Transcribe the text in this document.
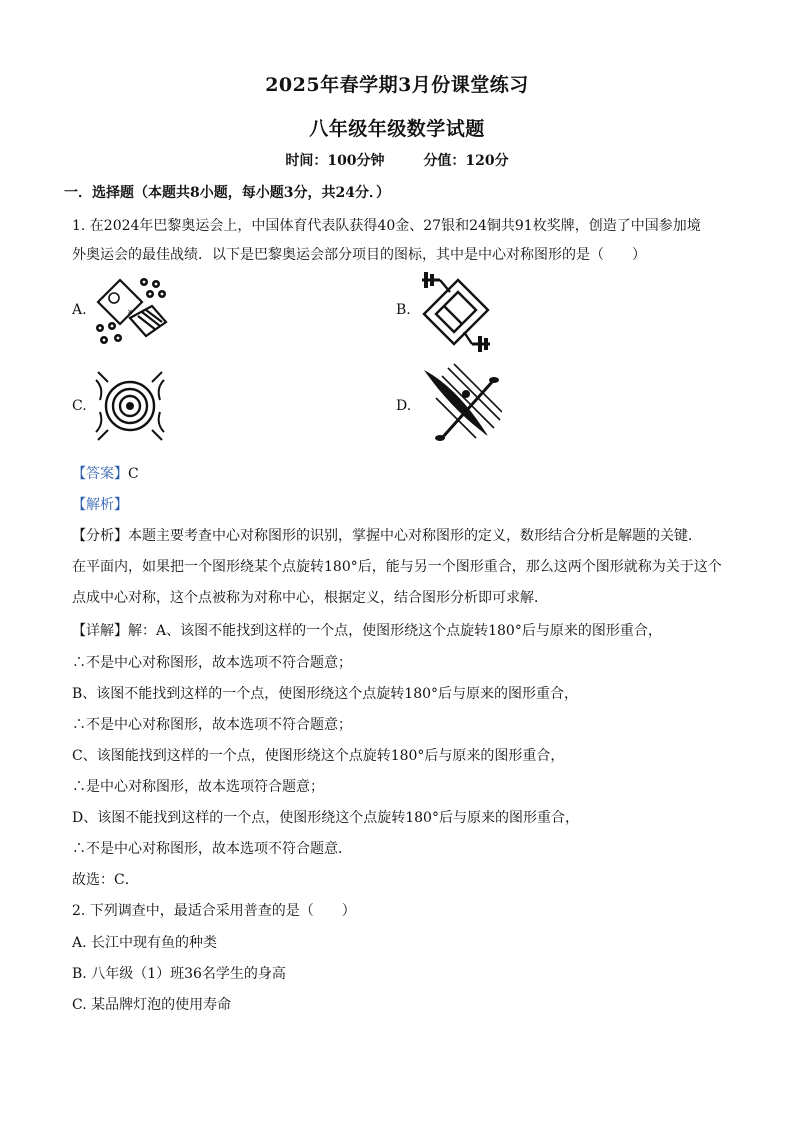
2025年春学期3月份课堂练习
八年级年级数学试题
时间：100分钟	分值：120分
一．选择题（本题共8小题，每小题3分，共24分．）
1. 在2024年巴黎奥运会上，中国体育代表队获得40金、27银和24铜共91枚奖牌，创造了中国参加境
外奥运会的最佳战绩．以下是巴黎奥运会部分项目的图标，其中是中心对称图形的是（　　）
A.	×	B.
C.	D.
【答案】C
【解析】
【分析】本题主要考查中心对称图形的识别，掌握中心对称图形的定义，数形结合分析是解题的关键．
在平面内，如果把一个图形绕某个点旋转180°后，能与另一个图形重合，那么这两个图形就称为关于这个
点成中心对称，这个点被称为对称中心，根据定义，结合图形分析即可求解．
【详解】解：A、该图不能找到这样的一个点，使图形绕这个点旋转180°后与原来的图形重合，
∴不是中心对称图形，故本选项不符合题意；
B、该图不能找到这样的一个点，使图形绕这个点旋转180°后与原来的图形重合，
∴不是中心对称图形，故本选项不符合题意；
C、该图能找到这样的一个点，使图形绕这个点旋转180°后与原来的图形重合，
∴是中心对称图形，故本选项符合题意；
D、该图不能找到这样的一个点，使图形绕这个点旋转180°后与原来的图形重合，
∴不是中心对称图形，故本选项不符合题意．
故选：C．
2. 下列调查中，最适合采用普查的是（　　）
A. 长江中现有鱼的种类
B. 八年级（1）班36名学生的身高
C. 某品牌灯泡的使用寿命
